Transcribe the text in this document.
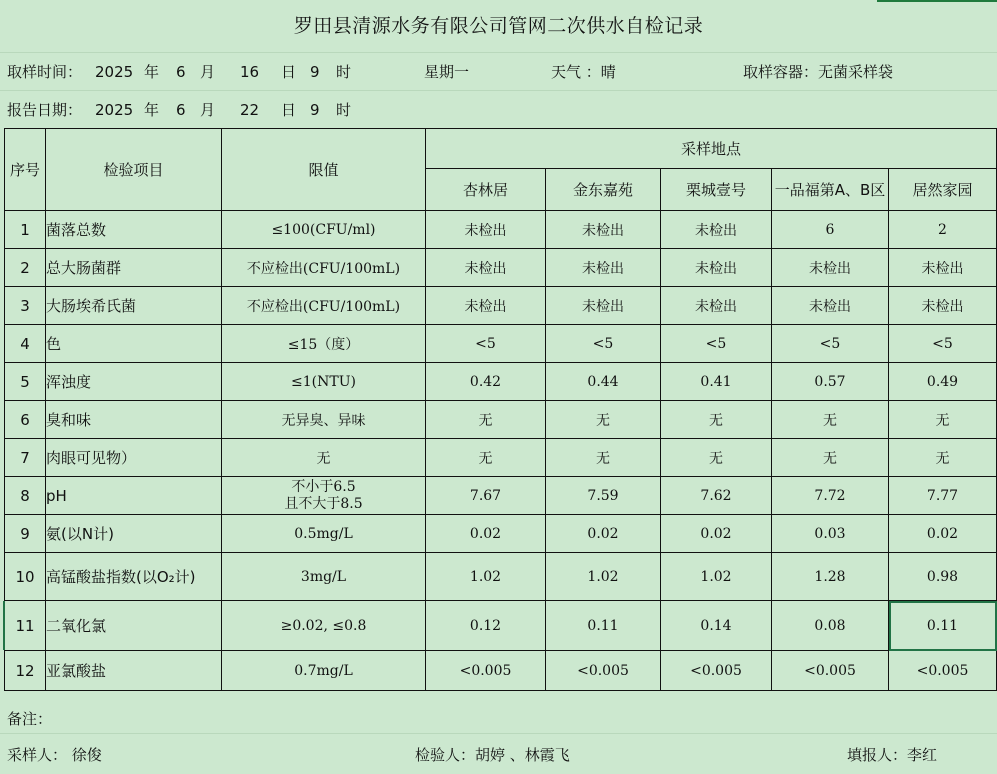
罗田县清源水务有限公司管网二次供水自检记录
取样时间： 2025 年 6 月 16 日 9 时	星期一	天气 ：晴	取样容器：无菌采样袋
报告日期： 2025 年 6 月 22 日 9 时
序号	检验项目	限值	采样地点				
			杏林居	金东嘉苑	栗城壹号	一品福第A、B区	居然家园
1	菌落总数	≤100(CFU/ml)	未检出	未检出	未检出	6	2
2	总大肠菌群	不应检出(CFU/100mL)	未检出	未检出	未检出	未检出	未检出
3	大肠埃希氏菌	不应检出(CFU/100mL)	未检出	未检出	未检出	未检出	未检出
4	色	≤15（度）	<5	<5	<5	<5	<5
5	浑浊度	≤1(NTU)	0.42	0.44	0.41	0.57	0.49
6	臭和味	无异臭、异味	无	无	无	无	无
7	肉眼可见物）	无	无	无	无	无	无
8	pH	不小于6.5
且不大于8.5	7.67	7.59	7.62	7.72	7.77
9	氨(以N计)	0.5mg/L	0.02	0.02	0.02	0.03	0.02
10	高锰酸盐指数(以O₂计)	3mg/L	1.02	1.02	1.02	1.28	0.98
11	二氧化氯	≥0.02, ≤0.8	0.12	0.11	0.14	0.08	0.11
12	亚氯酸盐	0.7mg/L	<0.005	<0.005	<0.005	<0.005	<0.005
备注：
采样人： 徐俊	检验人：胡婷 、林霞飞	填报人：李红
